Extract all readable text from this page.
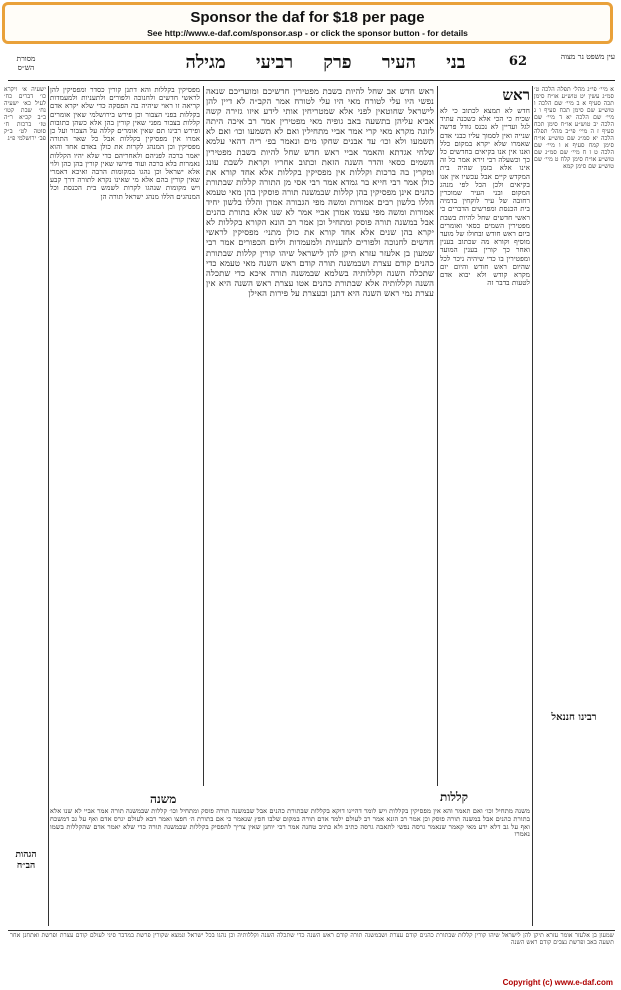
Sponsor the daf for $18 per page
See http://www.e-daf.com/sponsor.asp - or click the sponsor button - for details
עין משפט נר מצוה
62
בני העיר פרק רביעי מגילה
מסורת הש״ס
א מיי׳ פי״ג מהל׳ תפלה הלכה ט׳ סמ״ג עשין יט טוש״ע או״ח סימן תכה סעיף א ב מיי׳ שם הלכה ו טוש״ע שם סימן תכח סעיף ו ג מיי׳ שם הלכה יא ד מיי׳ שם הלכה יב טוש״ע או״ח סימן תכח סעיף ז ה מיי׳ פי״ב מהל׳ תפלה הלכה יא סמ״ג שם טוש״ע או״ח סימן קמח סעיף א ו מיי׳ שם הלכה ט ז ח מיי׳ שם סמ״ג שם טוש״ע או״ח סימן קלח ט מיי׳ שם טוש״ע שם סימן קמא
ראש
חדש לא תמצא לכתוב כי לא שכיח כי הכי אלא כשכנה עתיד לגל ועדיין לא נכנס גודל פרשה שנייה ואין לסמוך עליו כבני אדם שאמרו שלא יקרא במקום כלל ואנו אין אנו בקיאים בחדשים כל כך וכשעלה רבי זירא אמר כל זה אינו אלא בזמן שהיה בית המקדש קיים אבל עכשיו אין אנו בקיאים ולכן הכל לפי מנהג המקום ובני העיר שמוכרין רחובה של עיר לוקחין בדמיה בית הכנסת ומפרשים הדברים כי ראשי חדשים שחל להיות בשבת מפטירין השמים כסאי ואומרים ביום ראש חודש ובחולו של מועד מוסיף וקורא מה שכתוב בענין ואחר כך קורין בענין המועד ומפטירין בו כדי שיהיה ניכר לכל שהיום ראש חודש והיום יום מקרא קודש ולא יבוא אדם לטעות בדבר זה
ראש חדש אב שחל להיות בשבת מפטירין חדשיכם ומועדיכם שנאה נפשי היו עלי לטורח מאי היו עלי לטורח אמר הקב״ה לא דיין להן לישראל שחוטאין לפני אלא שמטריחין אותי לידע איזו גזירה קשה אביא עליהן בתשעה באב גופיה מאי מפטירין אמר רב איכה היתה לזונה מקרא מאי קרי אמר אביי מתחילין ואם לא תשמעו וכו׳ ואם לא תשמעו ולא וכו׳ עד אבנים שחקו מים ונאמר בפ׳ ריה דהאי עלמא שלחי אגדתא והאמר אביי ראש חדש שחל להיות בשבת מפטירין השמים כסאי והדר השנה הזאת וכתוב אחריו וקראת לשבת עונג ומקרין בה ברכות וקללות אין מפסיקין בקללות אלא אחד קורא את כולן אמר רבי חייא בר גמדא אמר רבי אסי מן התורה קללות שבתורת כהנים אינן מפסיקין בהן קללות שבמשנה תורה פוסקין בהן מאי טעמא הללו בלשון רבים אמורות ומשה מפי הגבורה אמרן והללו בלשון יחיד אמורות ומשה מפי עצמו אמרן אביי אמר לא שנו אלא בתורת כהנים אבל במשנה תורה פוסק ומתחיל וכן אמר רב הונא הקורא בקללות לא יקרא בהן שנים אלא אחד קורא את כולן מתני׳ מפסיקין לראשי חדשים לחנוכה ולפורים לתעניות ולמעמדות וליום הכפורים אמר רבי שמעון בן אלעזר עזרא תיקן להן לישראל שיהו קורין קללות שבתורת כהנים קודם עצרת ושבמשנה תורה קודם ראש השנה מאי טעמא כדי שתכלה השנה וקללותיה בשלמא שבמשנה תורה איכא כדי שתכלה השנה וקללותיה אלא שבתורת כהנים אטו עצרת ראש השנה היא אין עצרת נמי ראש השנה היא דתנן ובעצרת על פירות האילן
מפסיקין בקללות והא דתנן קורין כסדר ומפסיקין להן לראשי חדשים ולחנוכה ולפורים ולתעניות ולמעמדות קריאה זו ראוי שיהיה בה הפסקה כדי שלא יקרא אדם בקללות בפני הצבור וכן פירש בירושלמי שאין אומרים קללות בצבור מפני שאין קורין בהן אלא כשהן כתובות ופירש רבינו תם שאין אומרים קללה על הצבור ועל כן אמרו אין מפסיקין בקללות אבל כל שאר התורה מפסיקין וכן המנהג לקרות את כולן באדם אחד והוא יאמר ברכה לפניהם ולאחריהם כדי שלא יהיו הקללות נאמרות בלא ברכה ועוד פירשו שאין קורין בהן כהן ולוי אלא ישראל וכן נהגו במקומות הרבה ואיכא דאמרי שאין קורין בהם אלא מי שאינו נקרא לתורה דרך קבע ויש מקומות שנהגו לקרות לשמש בית הכנסת וכל המנהגים הללו מנהג ישראל תורה הן
ישעיה א׳ ויקרא כו׳ דברים כח׳ לעיל כא׳ ישעיה נח׳ שבת קטו׳ ב״ב קכ״א ר״ה טז׳ ברכות ח׳ סוטה לט׳ ב״ק פב׳ ירושלמי פ״ג
רבינו חננאל
משנה	קללות
הגהות הב״ח
משנה מתחיל וכו׳ ואם תאמר והא אין מפסיקין בקללות ויש לומר דהיינו דוקא בקללות שבתורת כהנים אבל שבמשנה תורה פוסק ומתחיל וכו׳ קללות שבמשנה תורה אמר אביי לא שנו אלא בתורת כהנים אבל במשנה תורה פוסק וכן אמר רב הונא אמר רב לעולם ילמד אדם תורה במקום שלבו חפץ שנאמר כי אם בתורת ה׳ חפצו ואמר רבא לעולם יגרס אדם ואף על גב דמשכח ואף על גב דלא ידע מאי קאמר שנאמר גרסה נפשי לתאבה גרסה כתיב ולא כתיב טחנה אמר רבי יוחנן שאין צריך להפסיק בקללות שבמשנה תורה כדי שלא יאמר אדם שהקללות בשמו נאמרו
שמעון בן אלעזר אומר עזרא תיקן להן לישראל שיהו קורין קללות שבתורת כהנים קודם עצרת ושבמשנה תורה קודם ראש השנה כדי שתכלה השנה וקללותיה וכן נהגו בכל ישראל ונמצא שקורין פרשת במדבר סיני לעולם קודם עצרת ופרשת ואתחנן אחר תשעה באב ופרשת נצבים קודם ראש השנה
Copyright (c) www.e-daf.com
